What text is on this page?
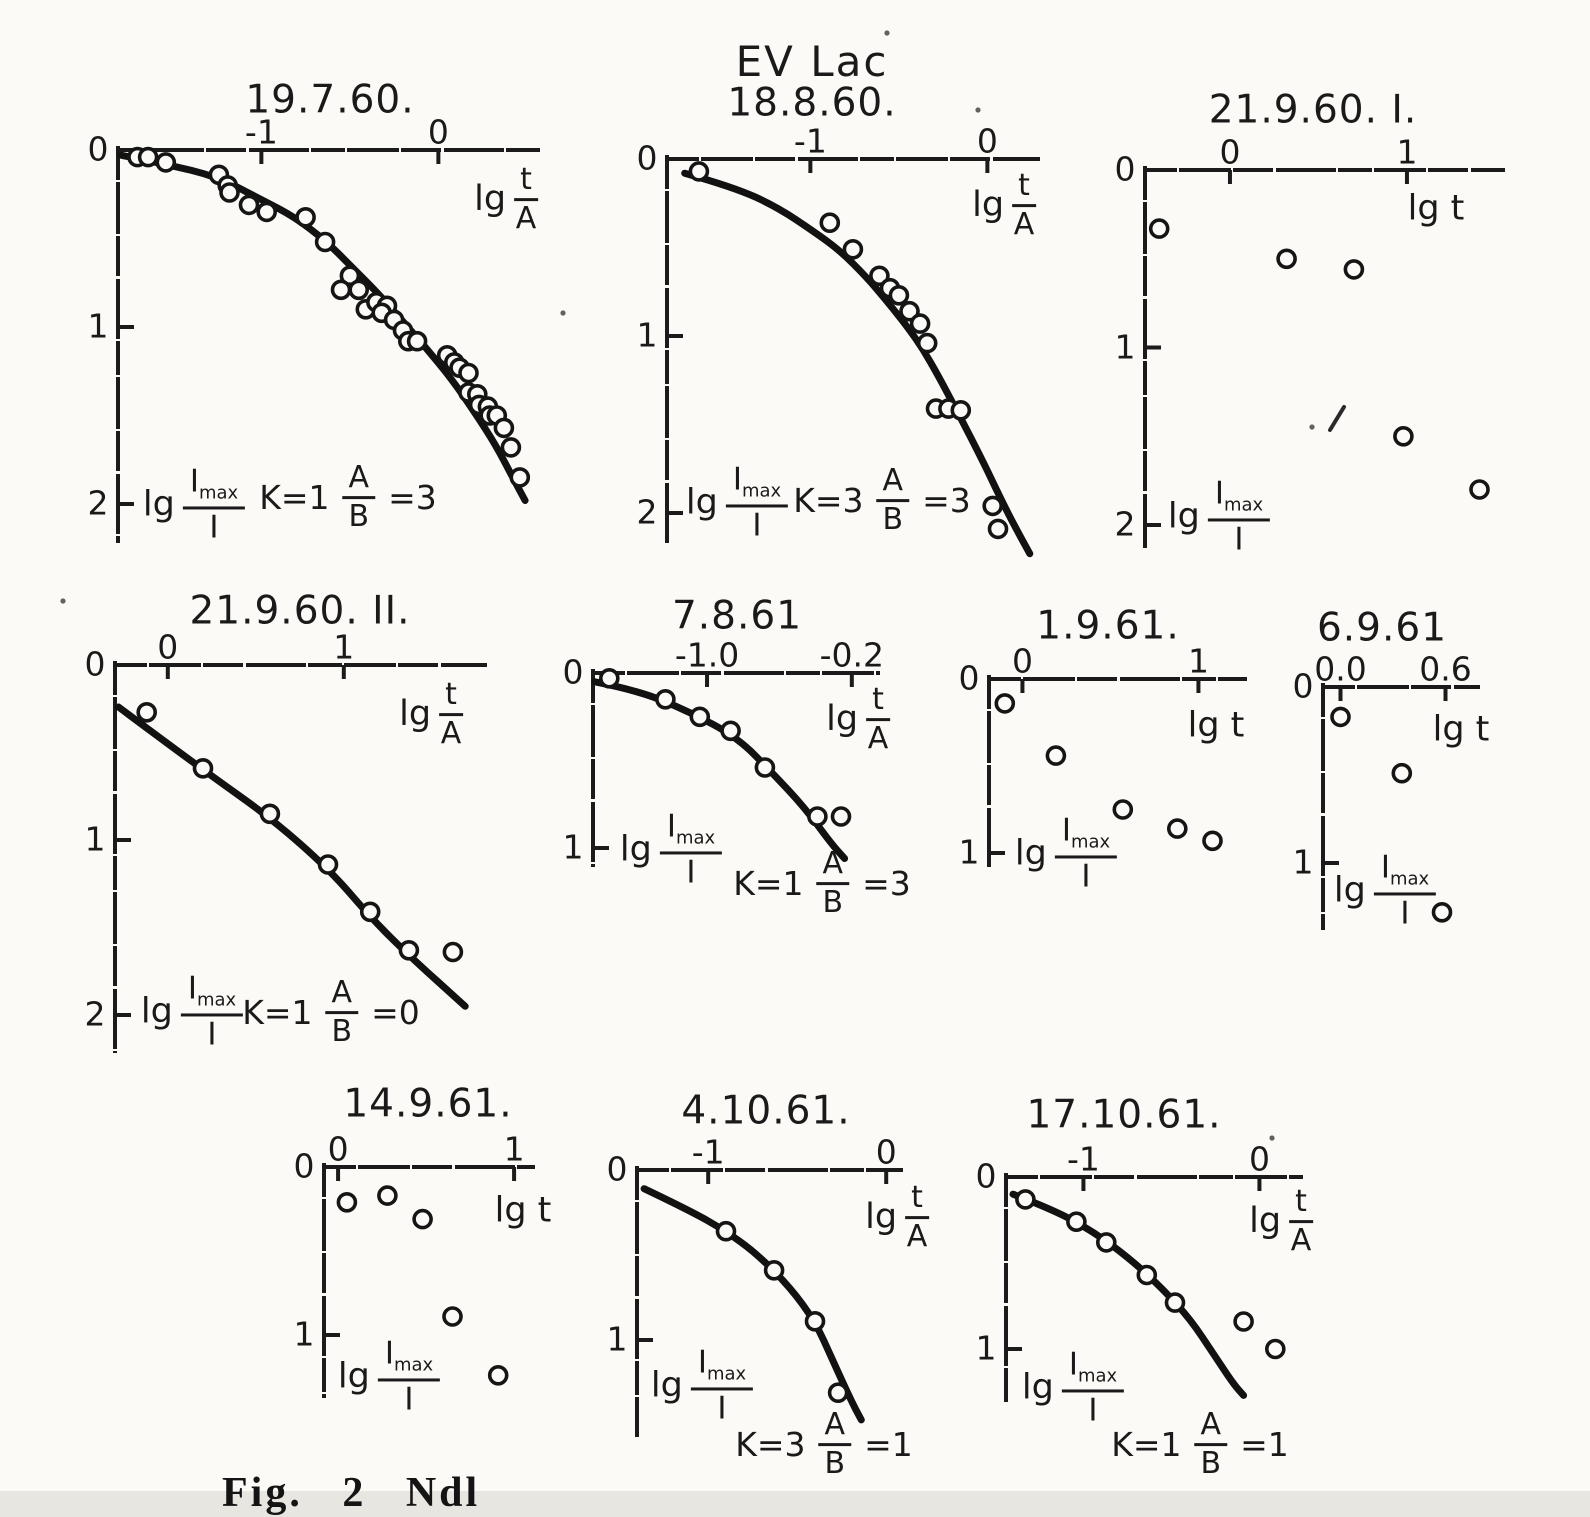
EV Lac
-1	0
0
1
2
19.7.60.
$\lg \frac{t}{A}$
$\lg \frac{I_{max}}{I} K=1 \frac{A}{B} =3$
-1	0
0
1
2
18.8.60.
$\lg \frac{t}{A}$
$\lg \frac{I_{max}}{I} K=3 \frac{A}{B} =3$
0	1
0
1
2
21.9.60. I.
lg t
$\lg \frac{I_{max}}{I}$
0	1
0
1
2
21.9.60. II.
$\lg \frac{t}{A}$
$\lg \frac{I_{max}}{I} K=1 \frac{A}{B} =0$
-1.0 -0.2
0
1
7.8.61
$\lg \frac{t}{A}$
$\lg \frac{I_{max}}{I} K=1 \frac{A}{B} =3$
0	1
0
1
1.9.61.
lg t
$\lg \frac{I_{max}}{I}$
0.0 0.6
0
1
6.9.61
lg t
$\lg \frac{I_{max}}{I}$
0	1
0
1
14.9.61.
lg t
$\lg \frac{I_{max}}{I}$
-1	0
0
1
4.10.61.
$\lg \frac{t}{A}$
$\lg \frac{I_{max}}{I}$
$K=3 \frac{A}{B} =1$
-1	0
0
1
17.10.61.
$\lg \frac{t}{A}$
$\lg \frac{I_{max}}{I}$
$K=1 \frac{A}{B} =1$
Fig. 2 Ndl
